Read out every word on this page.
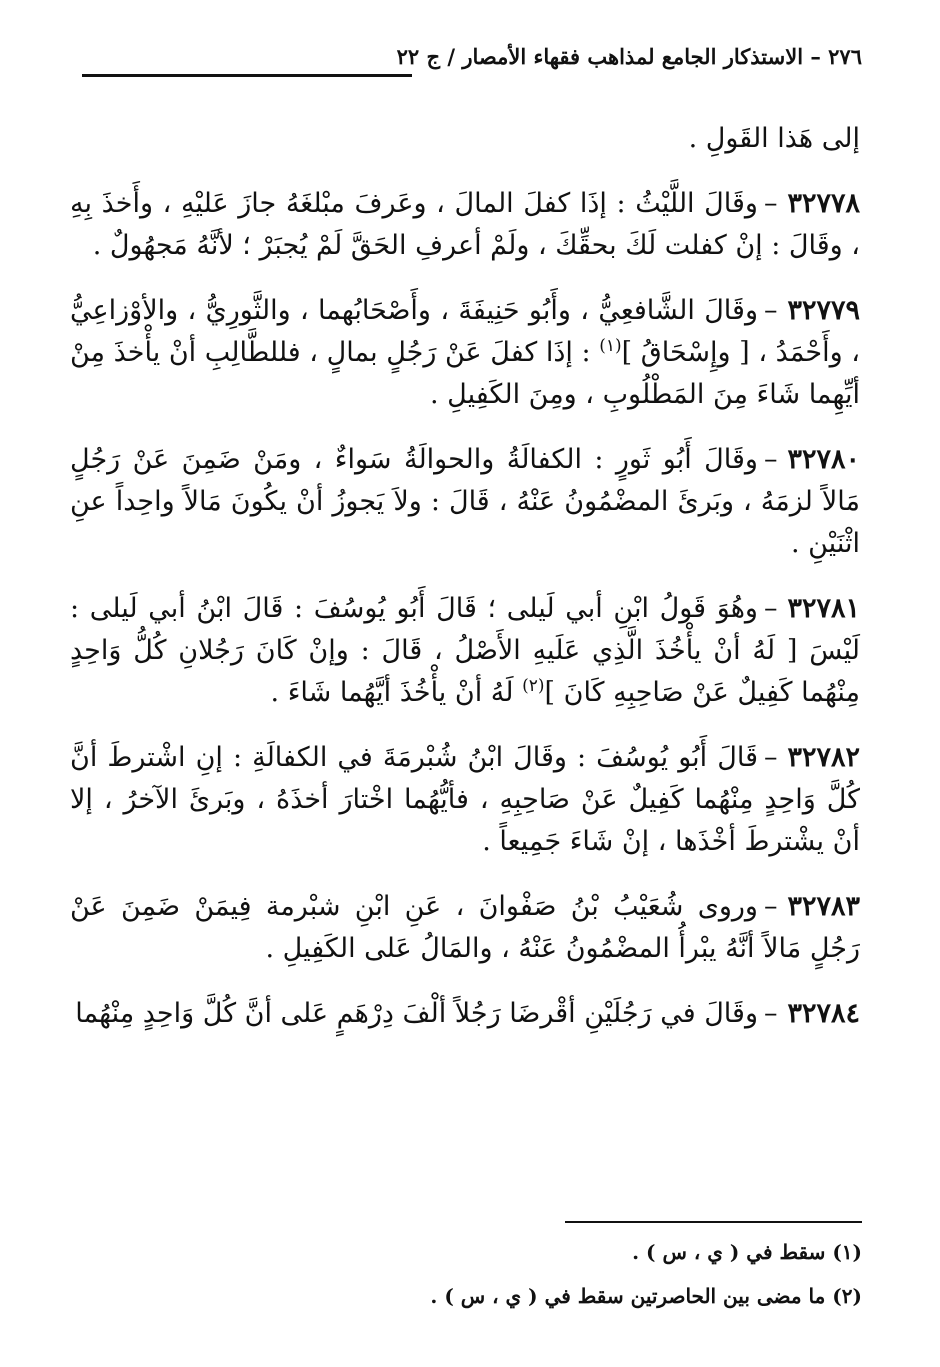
٢٧٦ – الاستذكار الجامع لمذاهب فقهاء الأمصار / ج ٢٢

إلى هَذا القَولِ .

٣٢٧٧٨–وقَالَ اللَّيْثُ : إذَا كفلَ المالَ ، وعَرفَ مبْلغَهُ جازَ عَليْهِ ، وأَخذَ بِهِ ، وقَالَ : إنْ كفلت لَكَ بحقِّكَ ، ولَمْ أعرفِ الحَقَّ لَمْ يُجبَرْ ؛ لأنَّهُ مَجهُولٌ .

٣٢٧٧٩–وقَالَ الشَّافعِيُّ ، وأَبُو حَنِيفَةَ ، وأَصْحَابُهما ، والثَّورِيُّ ، والأوْزاعِيُّ ، وأَحْمَدُ ، [ وإِسْحَاقُ ]$^{(١)}$ : إذَا كفلَ عَنْ رَجُلٍ بمالٍ ، فللطَّالِبِ أنْ يأْخذَ مِنْ أيِّهِما شَاءَ مِنَ المَطْلُوبِ ، ومِنَ الكَفِيلِ .

٣٢٧٨٠–وقَالَ أَبُو ثَورٍ : الكفالَةُ والحوالَةُ سَواءٌ ، ومَنْ ضَمِنَ عَنْ رَجُلٍ مَالاً لزمَهُ ، وبَرئَ المضْمُونُ عَنْهُ ، قَالَ : ولاَ يَجوزُ أنْ يكُونَ مَالاً واحِداً عنِ اثْنَيْنِ .

٣٢٧٨١–وهُوَ قَولُ ابْنِ أبي لَيلى ؛ قَالَ أَبُو يُوسُفَ : قَالَ ابْنُ أبي لَيلى : لَيْسَ [ لَهُ أنْ يأْخُذَ الَّذِي عَلَيهِ الأَصْلُ ، قَالَ : وإنْ كَانَ رَجُلانِ كُلُّ وَاحِدٍ مِنْهُما كَفِيلٌ عَنْ صَاحِبِهِ كَانَ ]$^{(٢)}$ لَهُ أنْ يأْخُذَ أيَّهُما شَاءَ .

٣٢٧٨٢–قَالَ أَبُو يُوسُفَ : وقَالَ ابْنُ شُبْرمَةَ في الكفالَةِ : إنِ اشْترطَ أنَّ كُلَّ وَاحِدٍ مِنْهُما كَفِيلٌ عَنْ صَاحِبِهِ ، فأيُّهُما اخْتارَ أخذَهُ ، وبَرئَ الآخرُ ، إلا أنْ يشْترطَ أخْذَها ، إنْ شَاءَ جَمِيعاً .

٣٢٧٨٣–وروى شُعَيْبُ بْنُ صَفْوانَ ، عَنِ ابْنِ شبْرمة فِيمَنْ ضَمِنَ عَنْ رَجُلٍ مَالاً أنَّهُ يبْرأُ المضْمُونُ عَنْهُ ، والمَالُ عَلى الكَفِيلِ .

٣٢٧٨٤–وقَالَ في رَجُلَيْنِ أقْرضَا رَجُلاً ألْفَ دِرْهَمٍ عَلى أنَّ كُلَّ وَاحِدٍ مِنْهُما

(١) سقط في ( ي ، س ) .

(٢) ما مضى بين الحاصرتين سقط في ( ي ، س ) .
